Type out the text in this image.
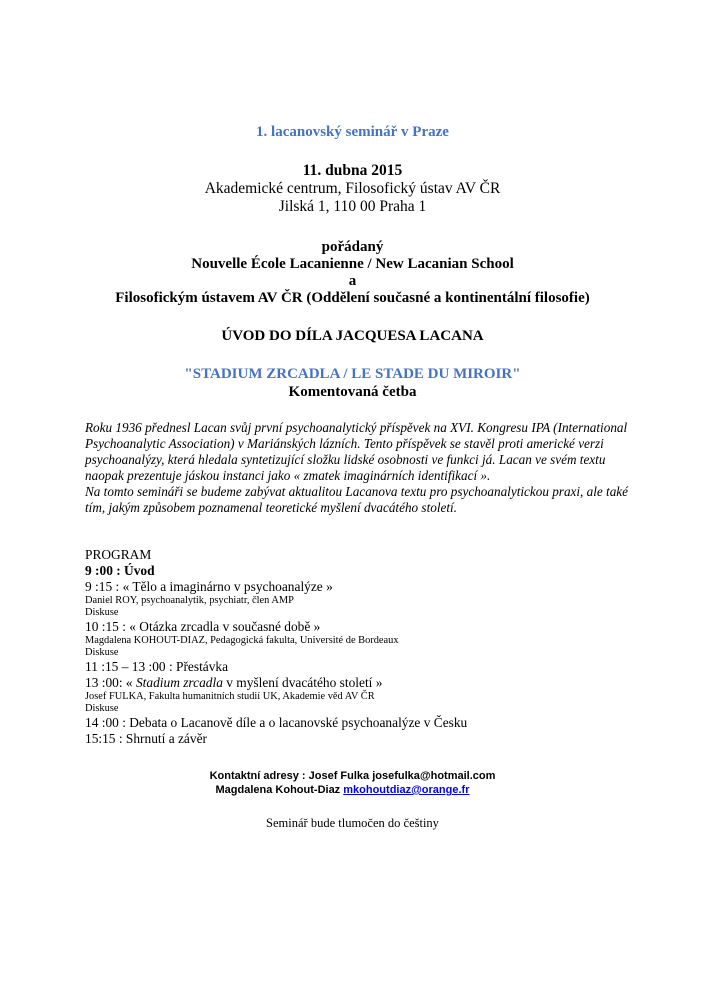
1. lacanovský seminář v Praze
11. dubna 2015
Akademické centrum, Filosofický ústav AV ČR
Jilská 1, 110 00 Praha 1
pořádaný
Nouvelle École Lacanienne / New Lacanian School
a
Filosofickým ústavem AV ČR (Oddělení současné a kontinentální filosofie)
ÚVOD DO DÍLA JACQUESA LACANA
"STADIUM ZRCADLA / LE STADE DU MIROIR"
Komentovaná četba

Roku 1936 přednesl Lacan svůj první psychoanalytický příspěvek na XVI. Kongresu IPA (International Psychoanalytic Association) v Mariánských lázních. Tento příspěvek se stavěl proti americké verzi psychoanalýzy, která hledala syntetizující složku lidské osobnosti ve funkci já. Lacan ve svém textu naopak prezentuje jáskou instanci jako « zmatek imaginárních identifikací ».

Na tomto semináři se budeme zabývat aktualitou Lacanova textu pro psychoanalytickou praxi, ale také tím, jakým způsobem poznamenal teoretické myšlení dvacátého století.

PROGRAM
9 :00 : Úvod
9 :15 : « Tělo a imaginárno v psychoanalýze »
Daniel ROY, psychoanalytik, psychiatr, člen AMP
Diskuse
10 :15 : « Otázka zrcadla v současné době »
Magdalena KOHOUT-DIAZ, Pedagogická fakulta, Université de Bordeaux
Diskuse
11 :15 – 13 :00 : Přestávka
13 :00: « Stadium zrcadla v myšlení dvacátého století »
Josef FULKA, Fakulta humanitních studií UK, Akademie věd AV ČR
Diskuse
14 :00 : Debata o Lacanově díle a o lacanovské psychoanalýze v Česku
15:15 : Shrnutí a závěr
Kontaktní adresy : Josef Fulka josefulka@hotmail.com
Magdalena Kohout-Diaz mkohoutdiaz@orange.fr
Seminář bude tlumočen do češtiny
